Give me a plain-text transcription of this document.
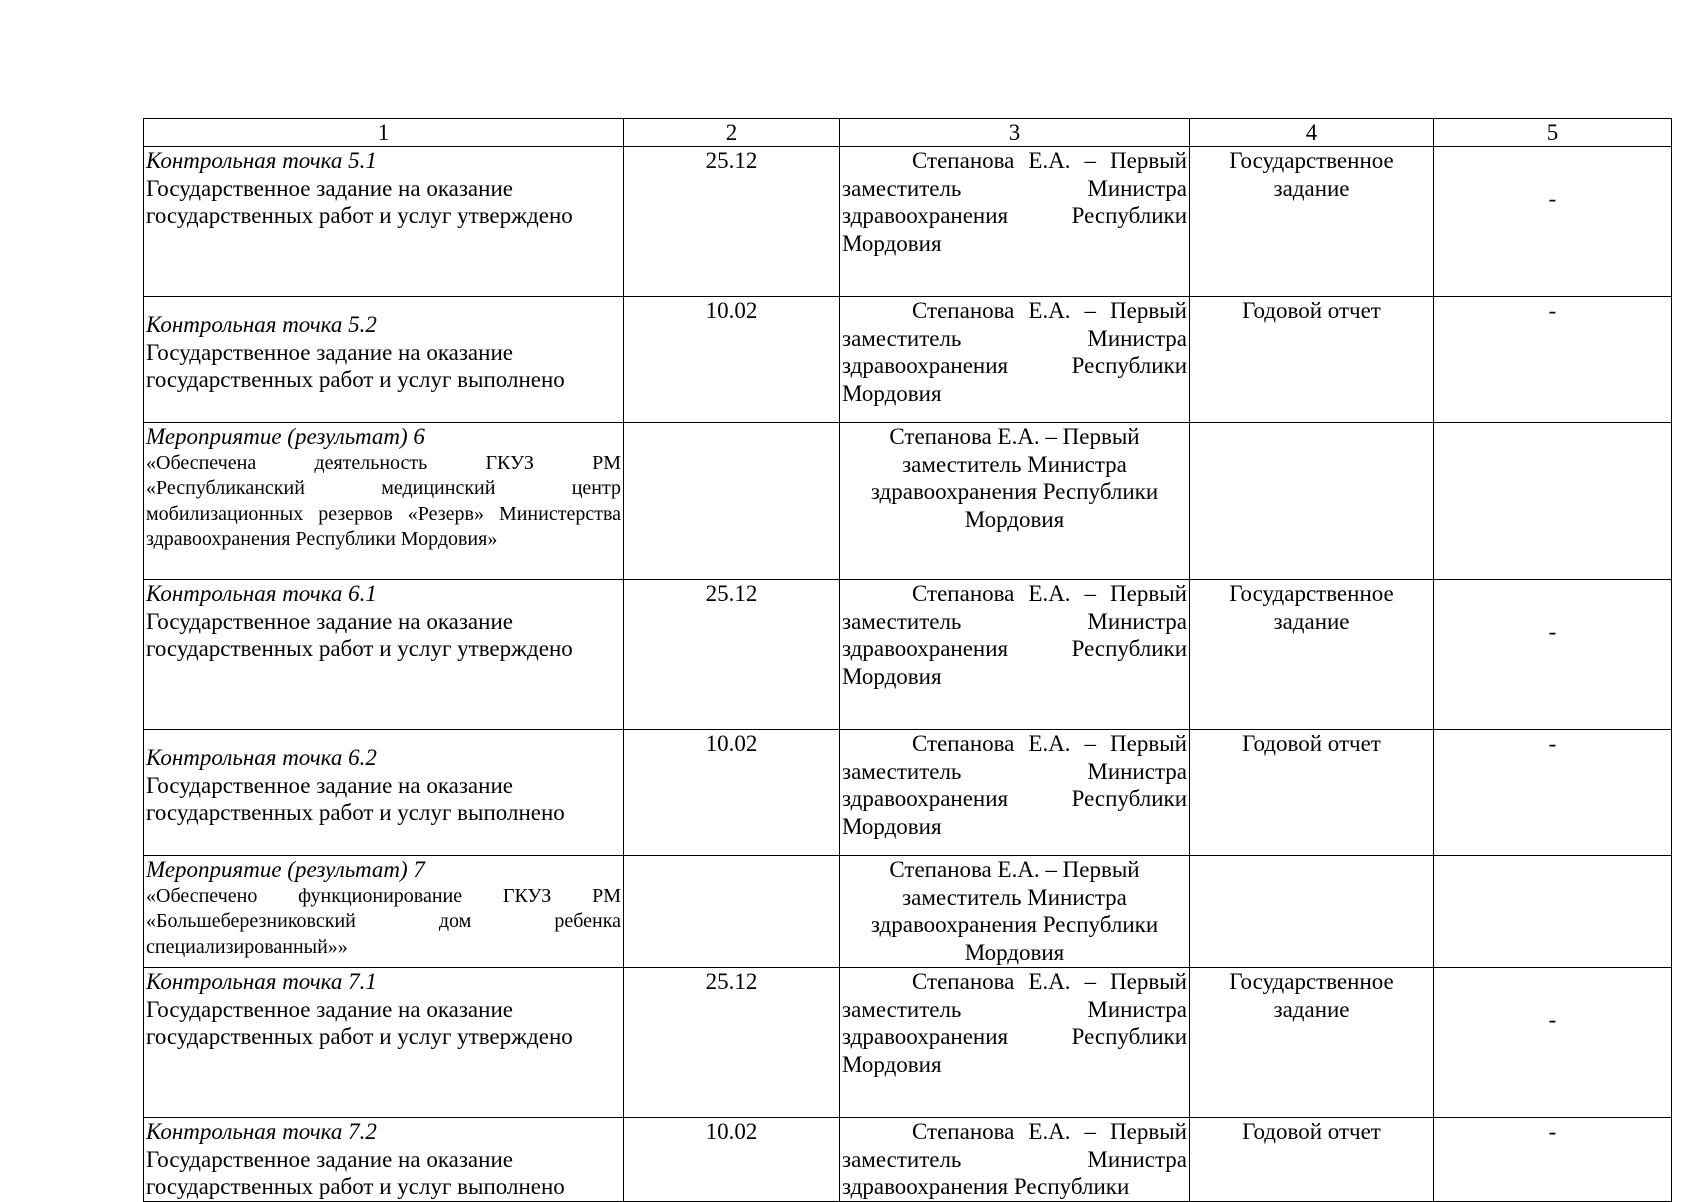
1	2	3	4	5

Контрольная точка 5.1
Государственное задание на оказание государственных работ и услуг утверждено	25.12	Степанова Е.А. – Первый заместитель Министра здравоохранения Республики Мордовия	Государственное задание	-

Контрольная точка 5.2
Государственное задание на оказание государственных работ и услуг выполнено	10.02	Степанова Е.А. – Первый заместитель Министра здравоохранения Республики Мордовия	Годовой отчет	-

Мероприятие (результат) 6
«Обеспечена деятельность ГКУЗ РМ «Республиканский медицинский центр мобилизационных резервов «Резерв» Министерства здравоохранения Республики Мордовия»		Степанова Е.А. – Первый заместитель Министра здравоохранения Республики Мордовия		

Контрольная точка 6.1
Государственное задание на оказание государственных работ и услуг утверждено	25.12	Степанова Е.А. – Первый заместитель Министра здравоохранения Республики Мордовия	Государственное задание	-

Контрольная точка 6.2
Государственное задание на оказание государственных работ и услуг выполнено	10.02	Степанова Е.А. – Первый заместитель Министра здравоохранения Республики Мордовия	Годовой отчет	-

Мероприятие (результат) 7
«Обеспечено функционирование ГКУЗ РМ «Большеберезниковский дом ребенка специализированный»»		Степанова Е.А. – Первый заместитель Министра здравоохранения Республики Мордовия		

Контрольная точка 7.1
Государственное задание на оказание государственных работ и услуг утверждено	25.12	Степанова Е.А. – Первый заместитель Министра здравоохранения Республики Мордовия	Государственное задание	-

Контрольная точка 7.2
Государственное задание на оказание государственных работ и услуг выполнено	10.02	Степанова Е.А. – Первый заместитель Министра здравоохранения Республики	Годовой отчет	-
